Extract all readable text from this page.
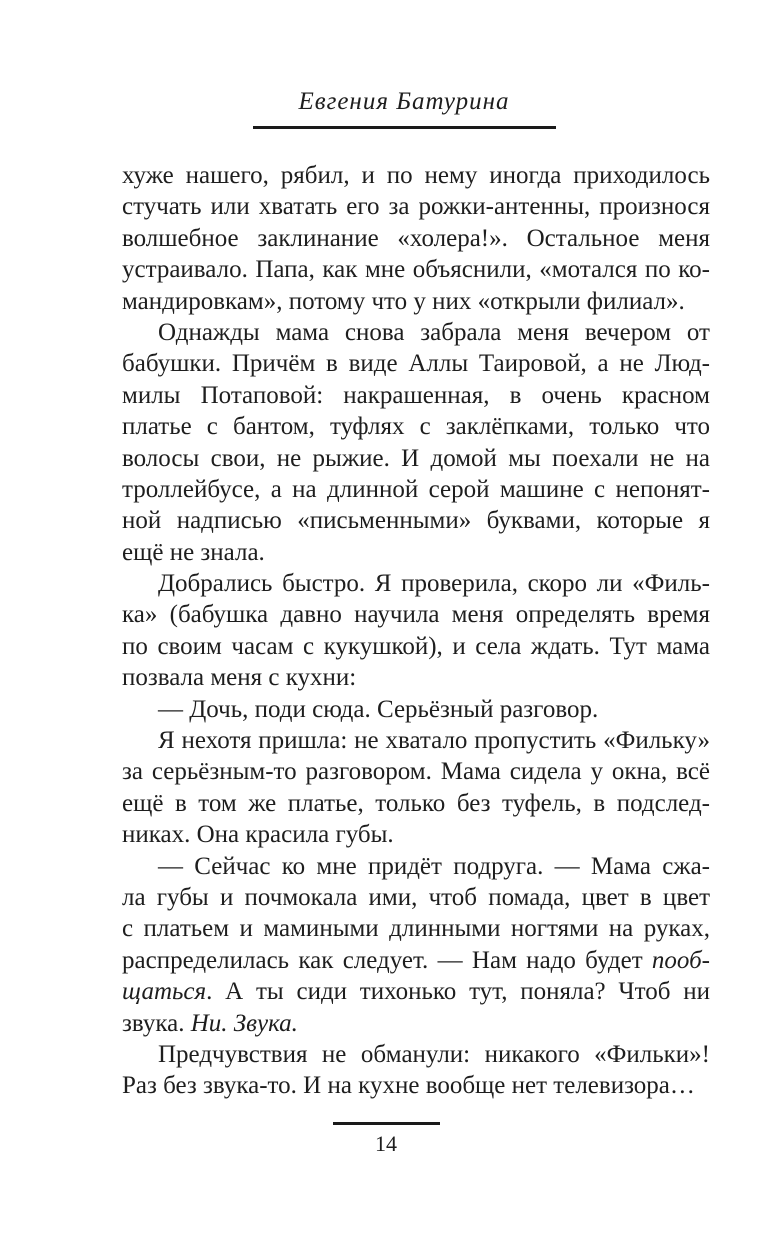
Евгения Батурина
хуже нашего, рябил, и по нему иногда приходилось
стучать или хватать его за рожки-антенны, произнося
волшебное заклинание «холера!». Остальное меня
устраивало. Папа, как мне объяснили, «мотался по ко-
мандировкам», потому что у них «открыли филиал».
Однажды мама снова забрала меня вечером от
бабушки. Причём в виде Аллы Таировой, а не Люд-
милы Потаповой: накрашенная, в очень красном
платье с бантом, туфлях с заклёпками, только что
волосы свои, не рыжие. И домой мы поехали не на
троллейбусе, а на длинной серой машине с непонят-
ной надписью «письменными» буквами, которые я
ещё не знала.
Добрались быстро. Я проверила, скоро ли «Филь-
ка» (бабушка давно научила меня определять время
по своим часам с кукушкой), и села ждать. Тут мама
позвала меня с кухни:
— Дочь, поди сюда. Серьёзный разговор.
Я нехотя пришла: не хватало пропустить «Фильку»
за серьёзным-то разговором. Мама сидела у окна, всё
ещё в том же платье, только без туфель, в подслед-
никах. Она красила губы.
— Сейчас ко мне придёт подруга. — Мама сжа-
ла губы и почмокала ими, чтоб помада, цвет в цвет
с платьем и мамиными длинными ногтями на руках,
распределилась как следует. — Нам надо будет пооб-
щаться. А ты сиди тихонько тут, поняла? Чтоб ни
звука. Ни. Звука.
Предчувствия не обманули: никакого «Фильки»!
Раз без звука-то. И на кухне вообще нет телевизора…
14
